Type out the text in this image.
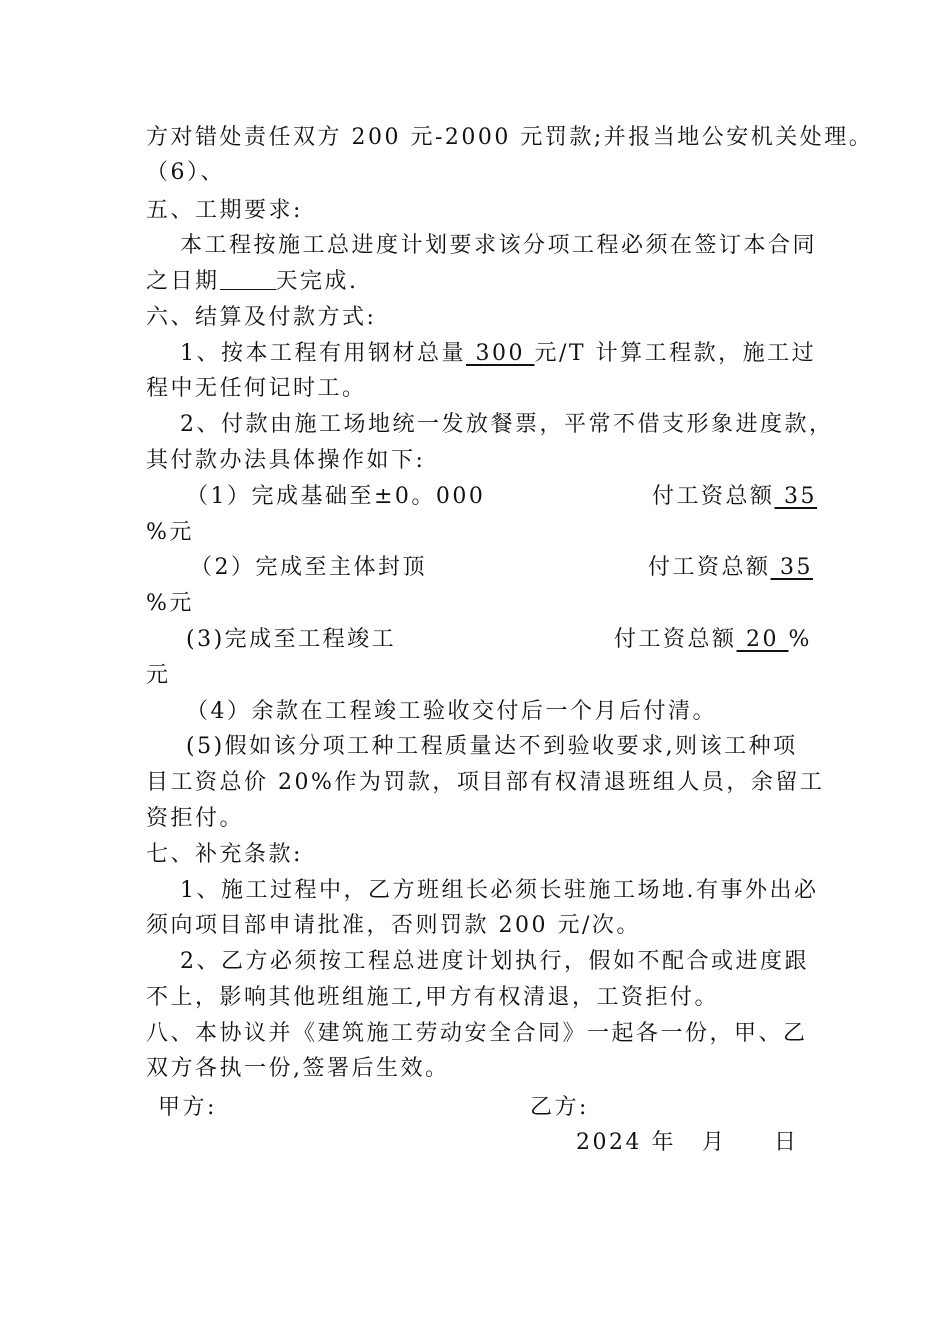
方对错处责任双方 200 元-2000 元罚款;并报当地公安机关处理。
（6）、
五、工期要求:
本工程按施工总进度计划要求该分项工程必须在签订本合同
之日期	天完成.
六、结算及付款方式:
1、按本工程有用钢材总量 300 元/T 计算工程款，施工过
程中无任何记时工。
2、付款由施工场地统一发放餐票，平常不借支形象进度款，
其付款办法具体操作如下:
（1）完成基础至±0。000	付工资总额 35
%元
（2）完成至主体封顶	付工资总额 35
%元
(3)完成至工程竣工	付工资总额 20 %
元
（4）余款在工程竣工验收交付后一个月后付清。
(5)假如该分项工种工程质量达不到验收要求,则该工种项
目工资总价 20%作为罚款，项目部有权清退班组人员，余留工
资拒付。
七、补充条款:
1、施工过程中，乙方班组长必须长驻施工场地.有事外出必
须向项目部申请批准，否则罚款 200 元/次。
2、乙方必须按工程总进度计划执行，假如不配合或进度跟
不上，影响其他班组施工,甲方有权清退，工资拒付。
八、本协议并《建筑施工劳动安全合同》一起各一份，甲、乙
双方各执一份,签署后生效。
甲方:	乙方:
2024 年 月 日
